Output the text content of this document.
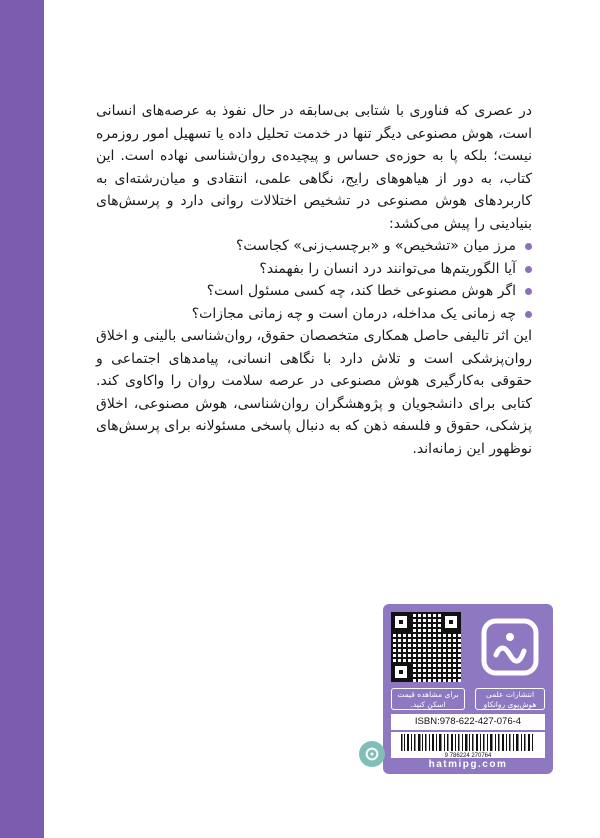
در عصری که فناوری با شتابی بی‌سابقه در حال نفوذ به عرصه‌های انسانی است، هوش مصنوعی دیگر تنها در خدمت تحلیل داده یا تسهیل امور روزمره نیست؛ بلکه پا به حوزه‌ی حساس و پیچیده‌ی روان‌شناسی نهاده است. این کتاب، به دور از هیاهوهای رایج، نگاهی علمی، انتقادی و میان‌رشته‌ای به کاربردهای هوش مصنوعی در تشخیص اختلالات روانی دارد و پرسش‌های بنیادینی را پیش می‌کشد:

مرز میان «تشخیص» و «برچسب‌زنی» کجاست؟
آیا الگوریتم‌ها می‌توانند درد انسان را بفهمند؟
اگر هوش مصنوعی خطا کند، چه کسی مسئول است؟
چه زمانی یک مداخله، درمان است و چه زمانی مجازات؟

این اثر تالیفی حاصل همکاری متخصصان حقوق، روان‌شناسی بالینی و اخلاق روان‌پزشکی است و تلاش دارد با نگاهی انسانی، پیامدهای اجتماعی و حقوقی به‌کارگیری هوش مصنوعی در عرصه سلامت روان را واکاوی کند. کتابی برای دانشجویان و پژوهشگران روان‌شناسی، هوش مصنوعی، اخلاق پزشکی، حقوق و فلسفه ذهن که به دنبال پاسخی مسئولانه برای پرسش‌های نوظهور این زمانه‌اند.

برای مشاهده قیمت
اسکن کنید.
انتشارات علمی
هوش‌پوی روانکاو
ISBN:978-622-427-076-4
9 786224 270764
hatmipg.com
